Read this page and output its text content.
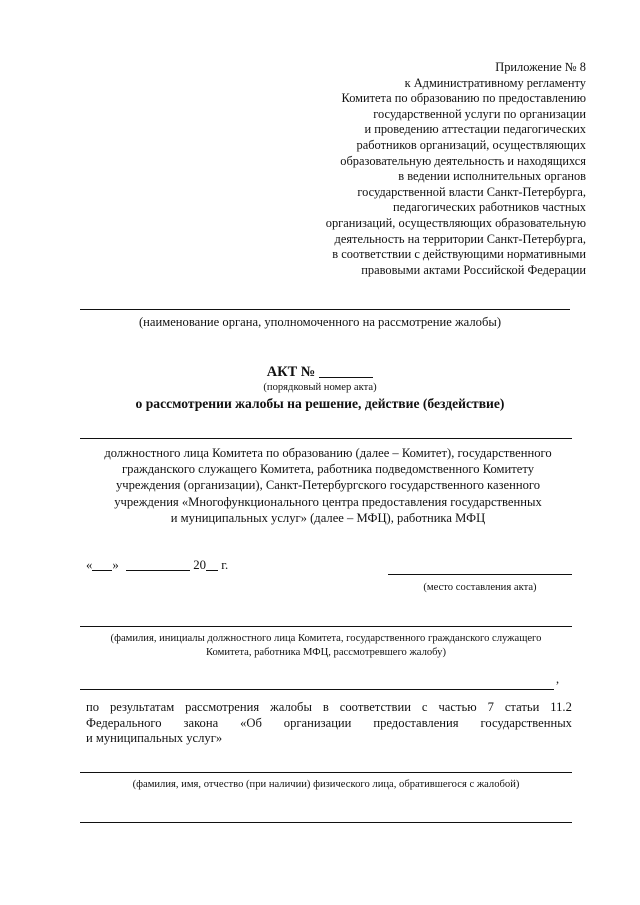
Приложение № 8
к Административному регламенту
Комитета по образованию по предоставлению
государственной услуги по организации
и проведению аттестации педагогических
работников организаций, осуществляющих
образовательную деятельность и находящихся
в ведении исполнительных органов
государственной власти Санкт-Петербурга,
педагогических работников частных
организаций, осуществляющих образовательную
деятельность на территории Санкт-Петербурга,
в соответствии с действующими нормативными
правовыми актами Российской Федерации
(наименование органа, уполномоченного на рассмотрение жалобы)
АКТ №
(порядковый номер акта)
о рассмотрении жалобы на решение, действие (бездействие)
должностного лица Комитета по образованию (далее – Комитет), государственного
гражданского служащего Комитета, работника подведомственного Комитету
учреждения (организации), Санкт-Петербургского государственного казенного
учреждения «Многофункционального центра предоставления государственных
и муниципальных услуг» (далее – МФЦ), работника МФЦ
« »	20 г.
(место составления акта)
(фамилия, инициалы должностного лица Комитета, государственного гражданского служащего
Комитета, работника МФЦ, рассмотревшего жалобу)
,
по результатам рассмотрения жалобы в соответствии с частью 7 статьи 11.2
Федерального закона «Об организации предоставления государственных
и муниципальных услуг»
(фамилия, имя, отчество (при наличии) физического лица, обратившегося с жалобой)
